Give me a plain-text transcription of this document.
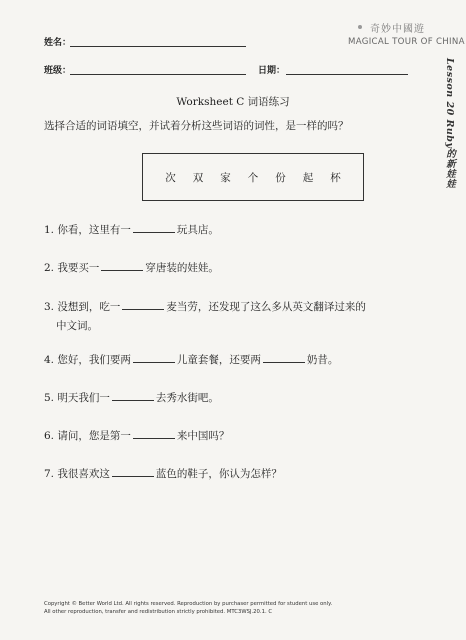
姓名：
班级：	日期：
奇妙中國遊
MAGICAL TOUR OF CHINA
Lesson 20 Ruby的新娃娃
Worksheet C 词语练习
选择合适的词语填空，并试着分析这些词语的词性，是一样的吗？
次 双 家 个 份 起 杯
1. 你看，这里有一	玩具店。
2. 我要买一	穿唐装的娃娃。
3. 没想到，吃一	麦当劳，还发现了这么多从英文翻译过来的
中文词。
4. 您好，我们要两	儿童套餐，还要两	奶昔。
5. 明天我们一	去秀水街吧。
6. 请问，您是第一	来中国吗？
7. 我很喜欢这	蓝色的鞋子，你认为怎样？
Copyright © Better World Ltd. All rights reserved. Reproduction by purchaser permitted for student use only.
All other reproduction, transfer and redistribution strictly prohibited. MTC3WSJ.20.1. C
